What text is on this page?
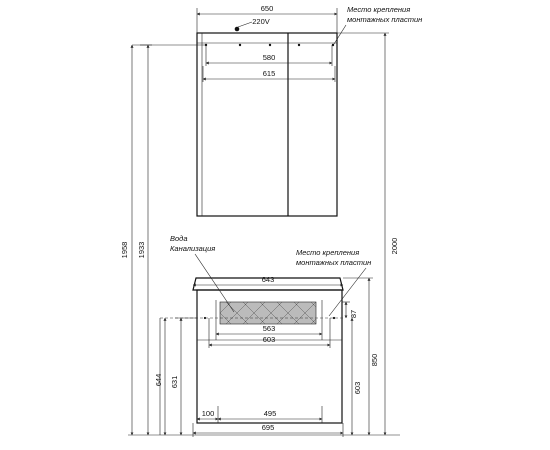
650
220V
580
615
Место крепления
монтажных пластин
643
563
603
100	495
695
87
Вода
Канализация	Место крепления
монтажных пластин
1958 1933	2000
850
603
644 631
